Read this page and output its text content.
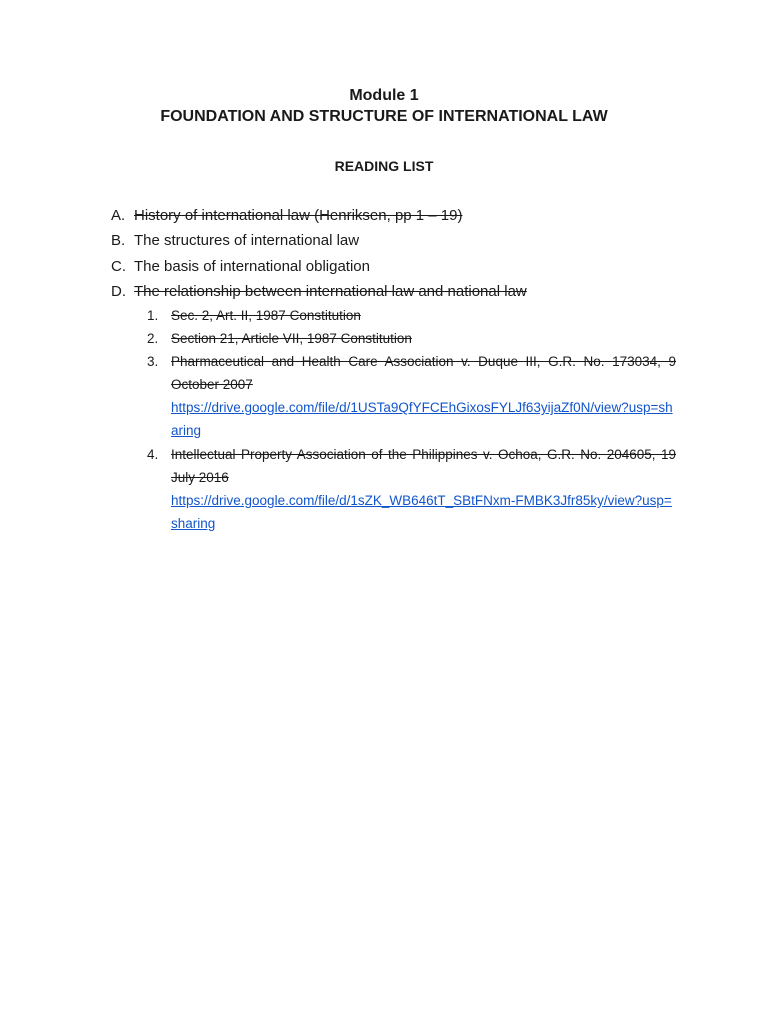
Module 1
FOUNDATION AND STRUCTURE OF INTERNATIONAL LAW
READING LIST
A. History of international law (Henriksen, pp 1 – 19)
B. The structures of international law
C. The basis of international obligation
D. The relationship between international law and national law
1. Sec. 2, Art. II, 1987 Constitution
2. Section 21, Article VII, 1987 Constitution
3. Pharmaceutical and Health Care Association v. Duque III, G.R. No. 173034, 9 October 2007
https://drive.google.com/file/d/1USTa9QfYFCEhGixosFYLJf63yijaZf0N/view?usp=sharing
4. Intellectual Property Association of the Philippines v. Ochoa, G.R. No. 204605, 19 July 2016
https://drive.google.com/file/d/1sZK_WB646tT_SBtFNxm-FMBK3Jfr85ky/view?usp=sharing
